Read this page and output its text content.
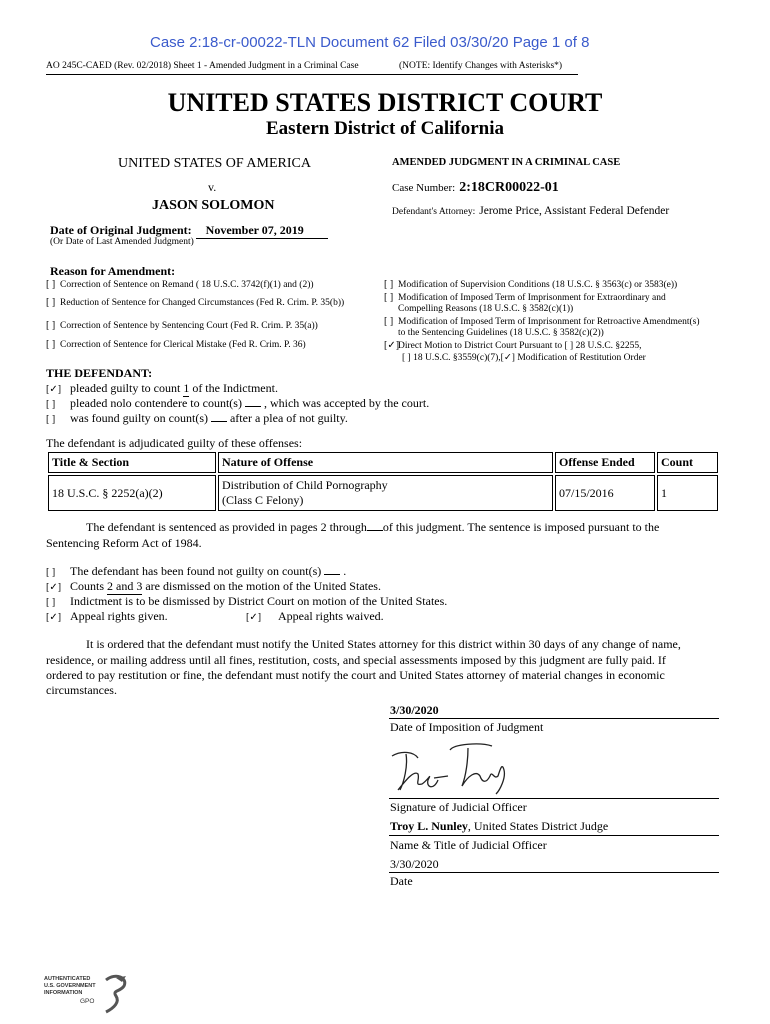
Case 2:18-cr-00022-TLN Document 62 Filed 03/30/20 Page 1 of 8
AO 245C-CAED (Rev. 02/2018) Sheet 1 - Amended Judgment in a Criminal Case	(NOTE: Identify Changes with Asterisks*)
UNITED STATES DISTRICT COURT
Eastern District of California
UNITED STATES OF AMERICA
v.
JASON SOLOMON
AMENDED JUDGMENT IN A CRIMINAL CASE
Case Number: 2:18CR00022-01
Defendant's Attorney: Jerome Price, Assistant Federal Defender
Date of Original Judgment: November 07, 2019
(Or Date of Last Amended Judgment)
Reason for Amendment:
[ ] Correction of Sentence on Remand ( 18 U.S.C. 3742(f)(1) and (2))
[ ] Reduction of Sentence for Changed Circumstances (Fed R. Crim. P. 35(b))
[ ] Correction of Sentence by Sentencing Court (Fed R. Crim. P. 35(a))
[ ] Correction of Sentence for Clerical Mistake (Fed R. Crim. P. 36)
[ ] Modification of Supervision Conditions (18 U.S.C. § 3563(c) or 3583(e))
[ ] Modification of Imposed Term of Imprisonment for Extraordinary and
Compelling Reasons (18 U.S.C. § 3582(c)(1))
[ ] Modification of Imposed Term of Imprisonment for Retroactive Amendment(s)
to the Sentencing Guidelines (18 U.S.C. § 3582(c)(2))
[✓]Direct Motion to District Court Pursuant to [ ] 28 U.S.C. §2255,
[ ] 18 U.S.C. §3559(c)(7),[✓] Modification of Restitution Order
THE DEFENDANT:
[✓] pleaded guilty to count 1 of the Indictment.
[ ] pleaded nolo contendere to count(s)  , which was accepted by the court.
[ ] was found guilty on count(s)  after a plea of not guilty.
The defendant is adjudicated guilty of these offenses:
Title & Section	Nature of Offense	Offense Ended	Count
18 U.S.C. § 2252(a)(2)	Distribution of Child Pornography
(Class C Felony)	07/15/2016	1
The defendant is sentenced as provided in pages 2 through of this judgment. The sentence is imposed pursuant to the
Sentencing Reform Act of 1984.
[ ] The defendant has been found not guilty on count(s)  .
[✓] Counts 2 and 3 are dismissed on the motion of the United States.
[ ] Indictment is to be dismissed by District Court on motion of the United States.
[✓] Appeal rights given.	[✓] Appeal rights waived.
It is ordered that the defendant must notify the United States attorney for this district within 30 days of any change of name,
residence, or mailing address until all fines, restitution, costs, and special assessments imposed by this judgment are fully paid. If
ordered to pay restitution or fine, the defendant must notify the court and United States attorney of material changes in economic
circumstances.
3/30/2020
Date of Imposition of Judgment
Signature of Judicial Officer
Troy L. Nunley, United States District Judge
Name & Title of Judicial Officer
3/30/2020
Date
AUTHENTICATED
U.S. GOVERNMENT
INFORMATION
GPO
